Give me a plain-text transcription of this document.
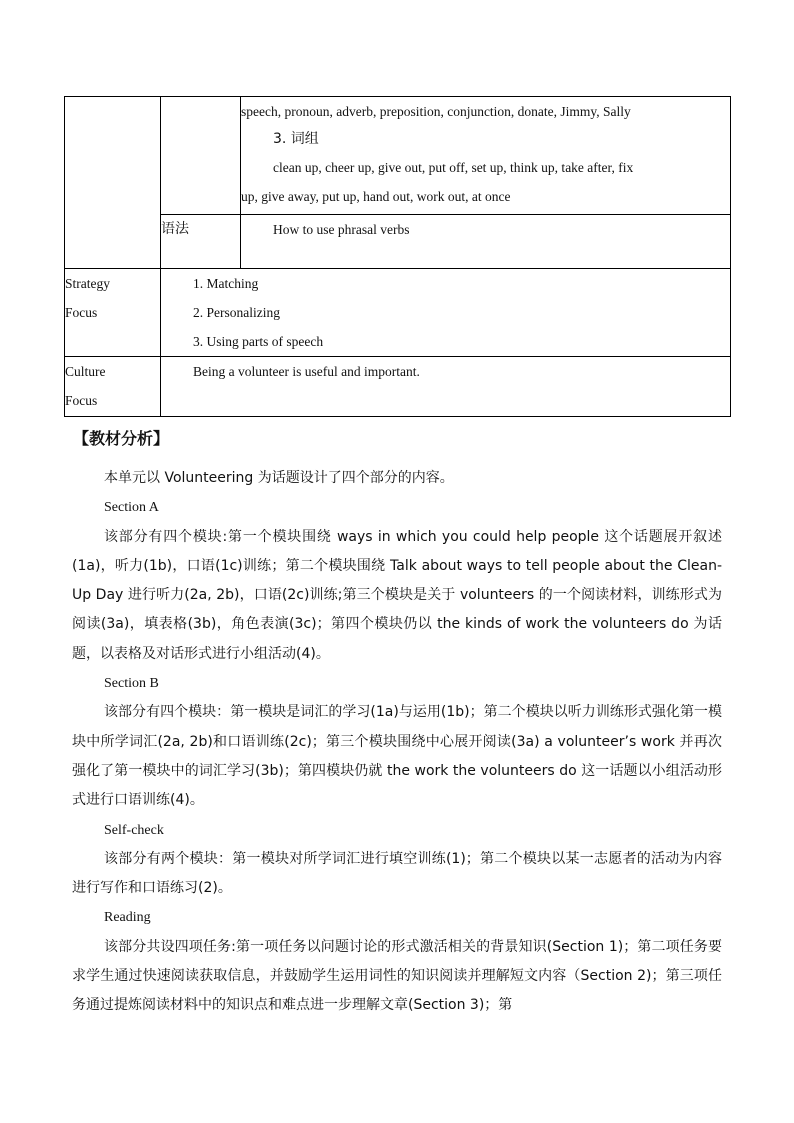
		speech, pronoun, adverb, preposition, conjunction, donate, Jimmy, Sally
3. 词组
clean up, cheer up, give out, put off, set up, think up, take after, fix
up, give away, put up, hand out, work out, at once

	语法	How to use phrasal verbs

Strategy
Focus	1. Matching
2. Personalizing
3. Using parts of speech	

Culture
Focus	Being a volunteer is useful and important.	
【教材分析】

本单元以 Volunteering 为话题设计了四个部分的内容。

Section A

该部分有四个模块:第一个模块围绕 ways in which you could help people 这个话题展开叙述(1a)，听力(1b)，口语(1c)训练；第二个模块围绕 Talk about ways to tell people about the Clean-Up Day 进行听力(2a, 2b)，口语(2c)训练;第三个模块是关于 volunteers 的一个阅读材料，训练形式为阅读(3a)，填表格(3b)，角色表演(3c)；第四个模块仍以 the kinds of work the volunteers do 为话题，以表格及对话形式进行小组活动(4)。

Section B

该部分有四个模块：第一模块是词汇的学习(1a)与运用(1b)；第二个模块以听力训练形式强化第一模块中所学词汇(2a, 2b)和口语训练(2c)；第三个模块围绕中心展开阅读(3a) a volunteer’s work 并再次强化了第一模块中的词汇学习(3b)；第四模块仍就 the work the volunteers do 这一话题以小组活动形式进行口语训练(4)。

Self-check

该部分有两个模块：第一模块对所学词汇进行填空训练(1)；第二个模块以某一志愿者的活动为内容进行写作和口语练习(2)。

Reading

该部分共设四项任务:第一项任务以问题讨论的形式激活相关的背景知识(Section 1)；第二项任务要求学生通过快速阅读获取信息，并鼓励学生运用词性的知识阅读并理解短文内容（Section 2)；第三项任务通过提炼阅读材料中的知识点和难点进一步理解文章(Section 3)；第
